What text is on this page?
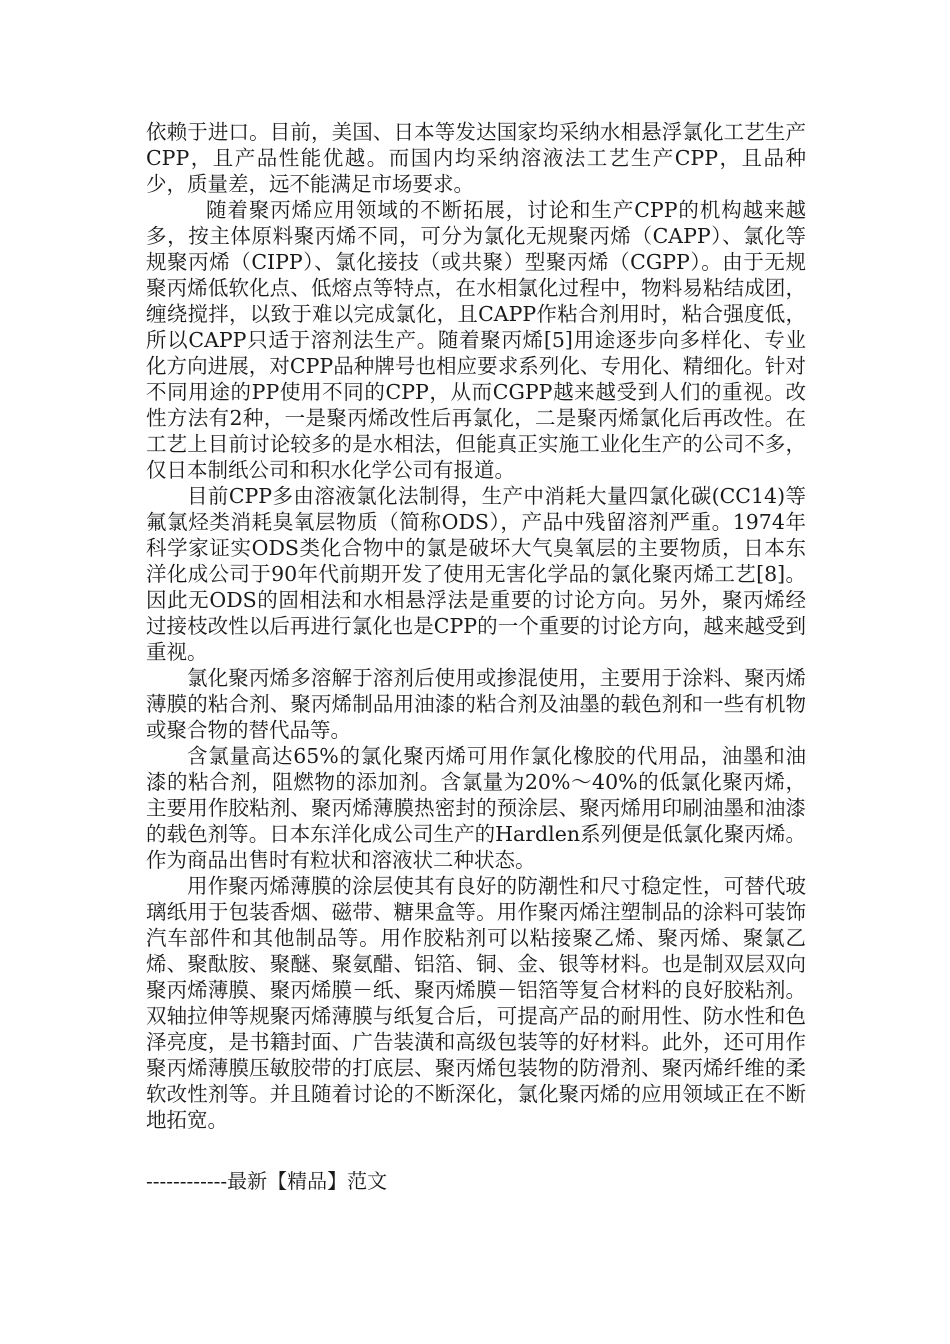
依赖于进口。目前，美国、日本等发达国家均采纳水相悬浮氯化工艺生产CPP，且产品性能优越。而国内均采纳溶液法工艺生产CPP，且品种少，质量差，远不能满足市场要求。

随着聚丙烯应用领域的不断拓展，讨论和生产CPP的机构越来越多，按主体原料聚丙烯不同，可分为氯化无规聚丙烯（CAPP）、氯化等规聚丙烯（CIPP）、氯化接技（或共聚）型聚丙烯（CGPP）。由于无规聚丙烯低软化点、低熔点等特点，在水相氯化过程中，物料易粘结成团，缠绕搅拌，以致于难以完成氯化，且CAPP作粘合剂用时，粘合强度低，所以CAPP只适于溶剂法生产。随着聚丙烯[5]用途逐步向多样化、专业化方向进展，对CPP品种牌号也相应要求系列化、专用化、精细化。针对不同用途的PP使用不同的CPP，从而CGPP越来越受到人们的重视。改性方法有2种，一是聚丙烯改性后再氯化，二是聚丙烯氯化后再改性。在工艺上目前讨论较多的是水相法，但能真正实施工业化生产的公司不多，仅日本制纸公司和积水化学公司有报道。

目前CPP多由溶液氯化法制得，生产中消耗大量四氯化碳(CC14)等氟氯烃类消耗臭氧层物质（简称ODS），产品中残留溶剂严重。1974年科学家证实ODS类化合物中的氯是破坏大气臭氧层的主要物质，日本东洋化成公司于90年代前期开发了使用无害化学品的氯化聚丙烯工艺[8]。因此无ODS的固相法和水相悬浮法是重要的讨论方向。另外，聚丙烯经过接枝改性以后再进行氯化也是CPP的一个重要的讨论方向，越来越受到重视。

氯化聚丙烯多溶解于溶剂后使用或掺混使用，主要用于涂料、聚丙烯薄膜的粘合剂、聚丙烯制品用油漆的粘合剂及油墨的载色剂和一些有机物或聚合物的替代品等。

含氯量高达65%的氯化聚丙烯可用作氯化橡胶的代用品，油墨和油漆的粘合剂，阻燃物的添加剂。含氯量为20%～40%的低氯化聚丙烯，主要用作胶粘剂、聚丙烯薄膜热密封的预涂层、聚丙烯用印刷油墨和油漆的载色剂等。日本东洋化成公司生产的Hardlen系列便是低氯化聚丙烯。作为商品出售时有粒状和溶液状二种状态。

用作聚丙烯薄膜的涂层使其有良好的防潮性和尺寸稳定性，可替代玻璃纸用于包装香烟、磁带、糖果盒等。用作聚丙烯注塑制品的涂料可装饰汽车部件和其他制品等。用作胶粘剂可以粘接聚乙烯、聚丙烯、聚氯乙烯、聚酞胺、聚醚、聚氨醋、铝箔、铜、金、银等材料。也是制双层双向聚丙烯薄膜、聚丙烯膜－纸、聚丙烯膜－铝箔等复合材料的良好胶粘剂。双轴拉伸等规聚丙烯薄膜与纸复合后，可提高产品的耐用性、防水性和色泽亮度，是书籍封面、广告装潢和高级包装等的好材料。此外，还可用作聚丙烯薄膜压敏胶带的打底层、聚丙烯包装物的防滑剂、聚丙烯纤维的柔软改性剂等。并且随着讨论的不断深化，氯化聚丙烯的应用领域正在不断地拓宽。

------------最新【精品】范文
